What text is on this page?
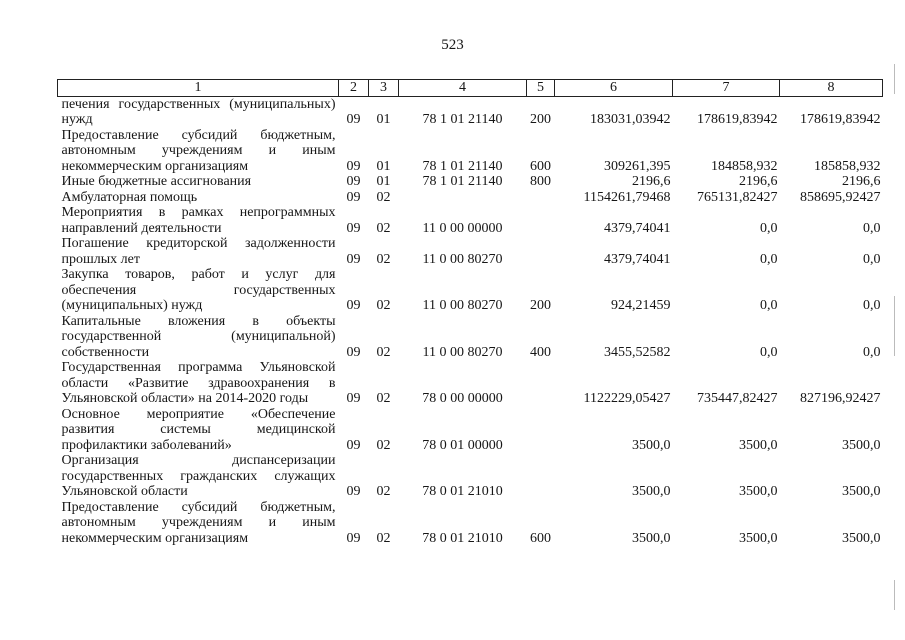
523
1	2	3	4	5	6	7	8
печения государственных (муниципальных) нужд	09	01	78 1 01 21140	200	183031,03942	178619,83942	178619,83942
Предоставление субсидий бюджетным, автономным учреждениям и иным некоммерческим организациям	09	01	78 1 01 21140	600	309261,395	184858,932	185858,932
Иные бюджетные ассигнования	09	01	78 1 01 21140	800	2196,6	2196,6	2196,6
Амбулаторная помощь	09	02			1154261,79468	765131,82427	858695,92427
Мероприятия в рамках непрограммных направлений деятельности	09	02	11 0 00 00000		4379,74041	0,0	0,0
Погашение кредиторской задолженности прошлых лет	09	02	11 0 00 80270		4379,74041	0,0	0,0
Закупка товаров, работ и услуг для обеспечения государственных (муниципальных) нужд	09	02	11 0 00 80270	200	924,21459	0,0	0,0
Капитальные вложения в объекты государственной (муниципальной) собственности	09	02	11 0 00 80270	400	3455,52582	0,0	0,0
Государственная программа Ульяновской области «Развитие здравоохранения в Ульяновской области» на 2014-2020 годы	09	02	78 0 00 00000		1122229,05427	735447,82427	827196,92427
Основное мероприятие «Обеспечение развития системы медицинской профилактики заболеваний»	09	02	78 0 01 00000		3500,0	3500,0	3500,0
Организация диспансеризации государственных гражданских служащих Ульяновской области	09	02	78 0 01 21010		3500,0	3500,0	3500,0
Предоставление субсидий бюджетным, автономным учреждениям и иным некоммерческим организациям	09	02	78 0 01 21010	600	3500,0	3500,0	3500,0
